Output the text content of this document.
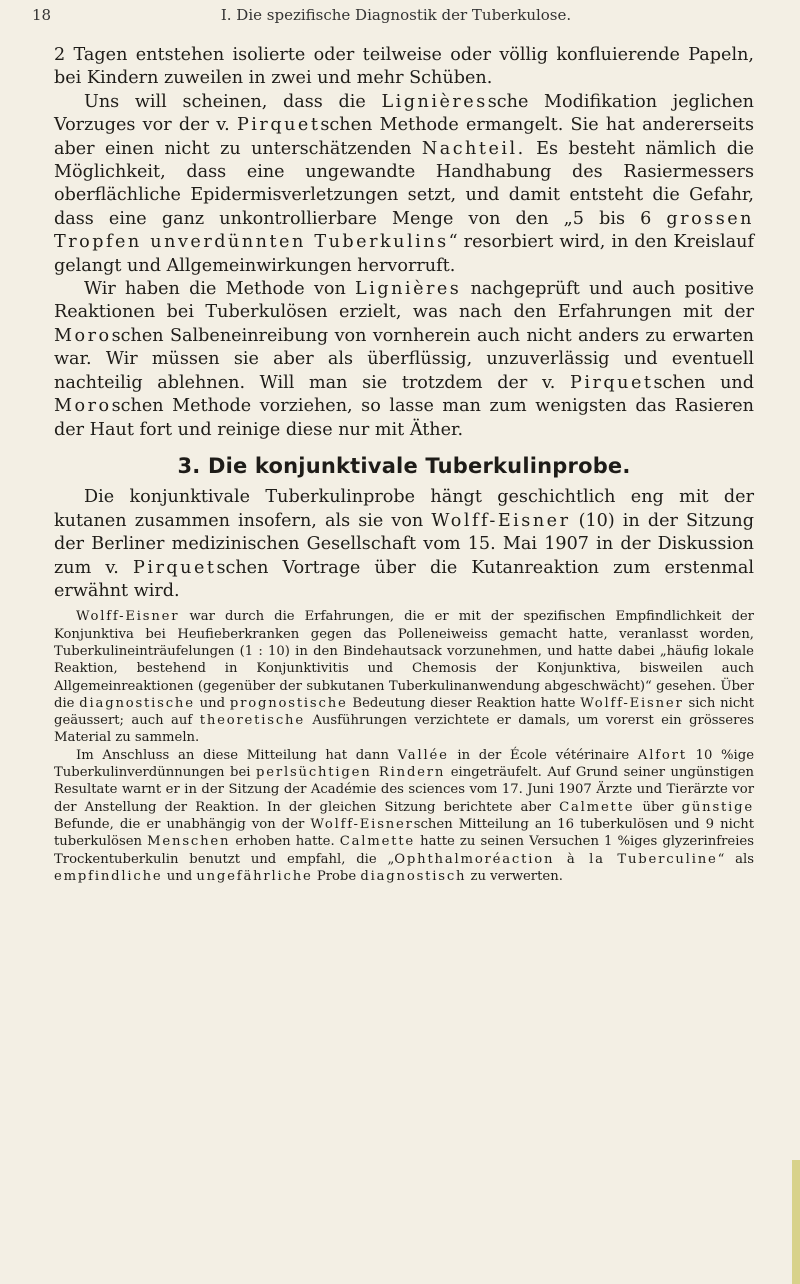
18	I. Die spezifische Diagnostik der Tuberkulose.

2 Tagen entstehen isolierte oder teilweise oder völlig konfluierende Papeln, bei Kindern zuweilen in zwei und mehr Schüben.

Uns will scheinen, dass die Lignièressche Modifikation jeglichen Vorzuges vor der v. Pirquetschen Methode ermangelt. Sie hat andererseits aber einen nicht zu unterschätzenden Nachteil. Es besteht nämlich die Möglichkeit, dass eine ungewandte Handhabung des Rasiermessers oberflächliche Epidermisverletzungen setzt, und damit entsteht die Gefahr, dass eine ganz unkontrollierbare Menge von den „5 bis 6 grossen Tropfen unverdünnten Tuberkulins“ resorbiert wird, in den Kreislauf gelangt und Allgemeinwirkungen hervorruft.

Wir haben die Methode von Lignières nachgeprüft und auch positive Reaktionen bei Tuberkulösen erzielt, was nach den Erfahrungen mit der Moroschen Salbeneinreibung von vornherein auch nicht anders zu erwarten war. Wir müssen sie aber als überflüssig, unzuverlässig und eventuell nachteilig ablehnen. Will man sie trotzdem der v. Pirquetschen und Moroschen Methode vorziehen, so lasse man zum wenigsten das Rasieren der Haut fort und reinige diese nur mit Äther.

3. Die konjunktivale Tuberkulinprobe.

Die konjunktivale Tuberkulinprobe hängt geschichtlich eng mit der kutanen zusammen insofern, als sie von Wolff-Eisner (10) in der Sitzung der Berliner medizinischen Gesellschaft vom 15. Mai 1907 in der Diskussion zum v. Pirquetschen Vortrage über die Kutanreaktion zum erstenmal erwähnt wird.

Wolff-Eisner war durch die Erfahrungen, die er mit der spezifischen Empfindlichkeit der Konjunktiva bei Heufieberkranken gegen das Polleneiweiss gemacht hatte, veranlasst worden, Tuberkulineinträufelungen (1 : 10) in den Bindehautsack vorzunehmen, und hatte dabei „häufig lokale Reaktion, bestehend in Konjunktivitis und Chemosis der Konjunktiva, bisweilen auch Allgemeinreaktionen (gegenüber der subkutanen Tuberkulinanwendung abgeschwächt)“ gesehen. Über die diagnostische und prognostische Bedeutung dieser Reaktion hatte Wolff-Eisner sich nicht geäussert; auch auf theoretische Ausführungen verzichtete er damals, um vorerst ein grösseres Material zu sammeln.

Im Anschluss an diese Mitteilung hat dann Vallée in der École vétérinaire Alfort 10 %ige Tuberkulinverdünnungen bei perlsüchtigen Rindern eingeträufelt. Auf Grund seiner ungünstigen Resultate warnt er in der Sitzung der Académie des sciences vom 17. Juni 1907 Ärzte und Tierärzte vor der Anstellung der Reaktion. In der gleichen Sitzung berichtete aber Calmette über günstige Befunde, die er unabhängig von der Wolff-Eisnerschen Mitteilung an 16 tuberkulösen und 9 nicht tuberkulösen Menschen erhoben hatte. Calmette hatte zu seinen Versuchen 1 %iges glyzerinfreies Trockentuberkulin benutzt und empfahl, die „Ophthalmoréaction à la Tuberculine“ als empfindliche und ungefährliche Probe diagnostisch zu verwerten.
